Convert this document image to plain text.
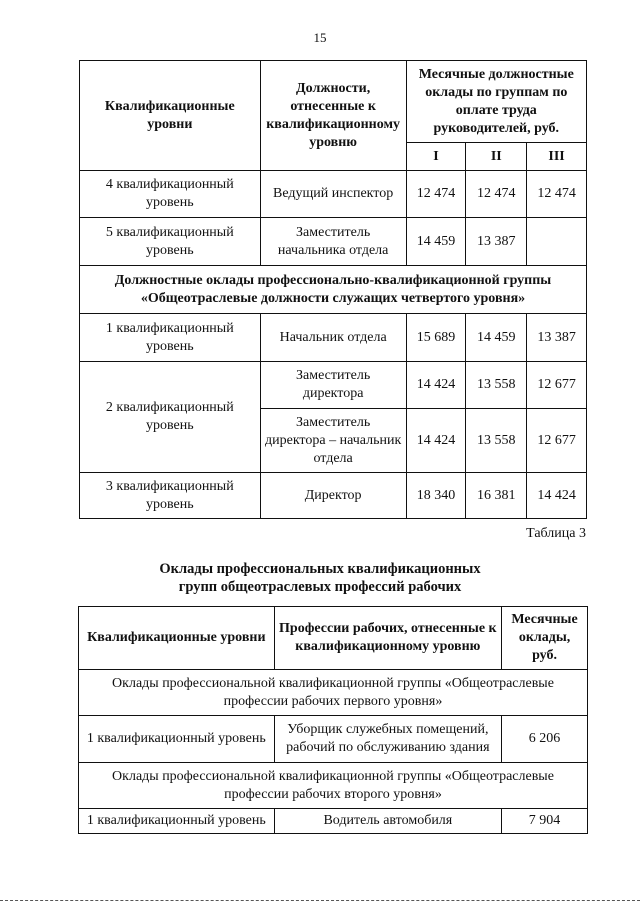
15
Квалификационные уровни	Должности, отнесенные к квалификационному уровню	Месячные должностные оклады по группам по оплате труда руководителей, руб.		
		I	II	III
4 квалификационный уровень	Ведущий инспектор	12 474	12 474	12 474
5 квалификационный уровень	Заместитель начальника отдела	14 459	13 387	
Должностные оклады профессионально-квалификационной группы «Общеотраслевые должности служащих четвертого уровня»				
1 квалификационный уровень	Начальник отдела	15 689	14 459	13 387
2 квалификационный уровень	Заместитель директора	14 424	13 558	12 677
	Заместитель директора – начальник отдела	14 424	13 558	12 677
3 квалификационный уровень	Директор	18 340	16 381	14 424
Таблица 3
Оклады профессиональных квалификационных
групп общеотраслевых профессий рабочих
Квалификационные уровни	Профессии рабочих, отнесенные к квалификационному уровню	Месячные оклады, руб.
Оклады профессиональной квалификационной группы «Общеотраслевые профессии рабочих первого уровня»		
1 квалификационный уровень	Уборщик служебных помещений, рабочий по обслуживанию здания	6 206
Оклады профессиональной квалификационной группы «Общеотраслевые профессии рабочих второго уровня»		
1 квалификационный уровень	Водитель автомобиля	7 904
